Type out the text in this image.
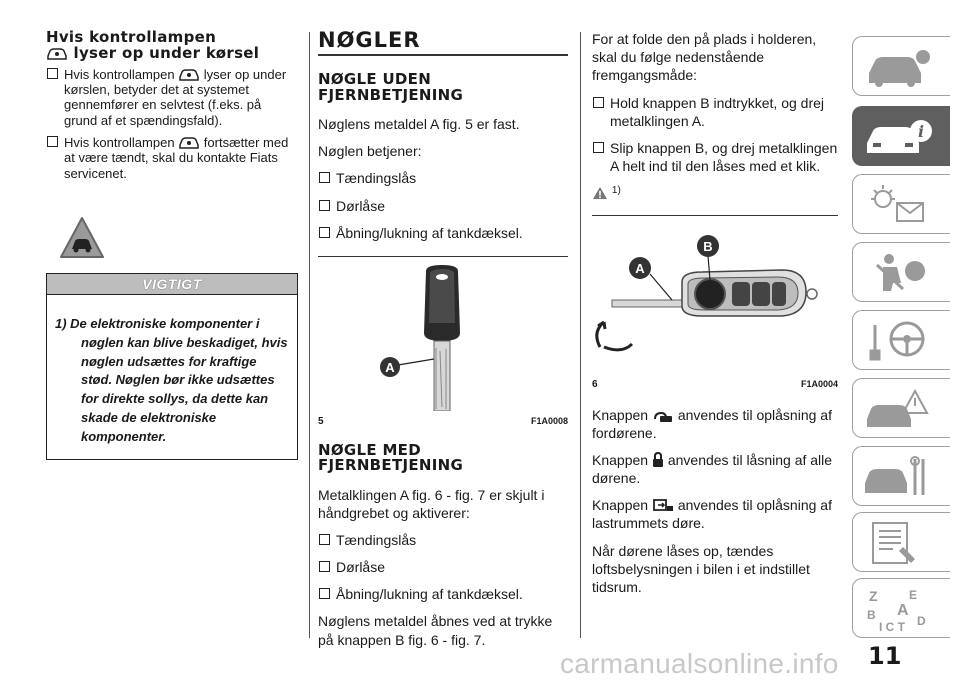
Hvis kontrollampen
lyser op under kørsel

Hvis kontrollampen lyser op under kørslen, betyder det at systemet gennemfører en selvtest (f.eks. på grund af et spændingsfald).

Hvis kontrollampen fortsætter med at være tændt, skal du kontakte Fiats servicenet.

VIGTIGT

1) De elektroniske komponenter i nøglen kan blive beskadiget, hvis nøglen udsættes for kraftige stød. Nøglen bør ikke udsættes for direkte sollys, da dette kan skade de elektroniske komponenter.

NØGLER
NØGLE UDEN FJERNBETJENING

Nøglens metaldel A fig. 5 er fast.

Nøglen betjener:

Tændingslås

Dørlåse

Åbning/lukning af tankdæksel.

A
5	F1A0008
NØGLE MED FJERNBETJENING

Metalklingen A fig. 6 - fig. 7 er skjult i håndgrebet og aktiverer:

Tændingslås

Dørlåse

Åbning/lukning af tankdæksel.

Nøglens metaldel åbnes ved at trykke på knappen B fig. 6 - fig. 7.

For at folde den på plads i holderen, skal du følge nedenstående fremgangsmåde:

Hold knappen B indtrykket, og drej metalklingen A.

Slip knappen B, og drej metalklingen A helt ind til den låses med et klik.

$^{1)}$

A
B
6	F1A0004

Knappen anvendes til oplåsning af fordørene.

Knappen anvendes til låsning af alle dørene.

Knappen anvendes til oplåsning af lastrummets døre.

Når dørene låses op, tændes loftsbelysningen i bilen i et indstillet tidsrum.

i
Z	E
A
B	D
I C T
11
carmanualsonline.info
